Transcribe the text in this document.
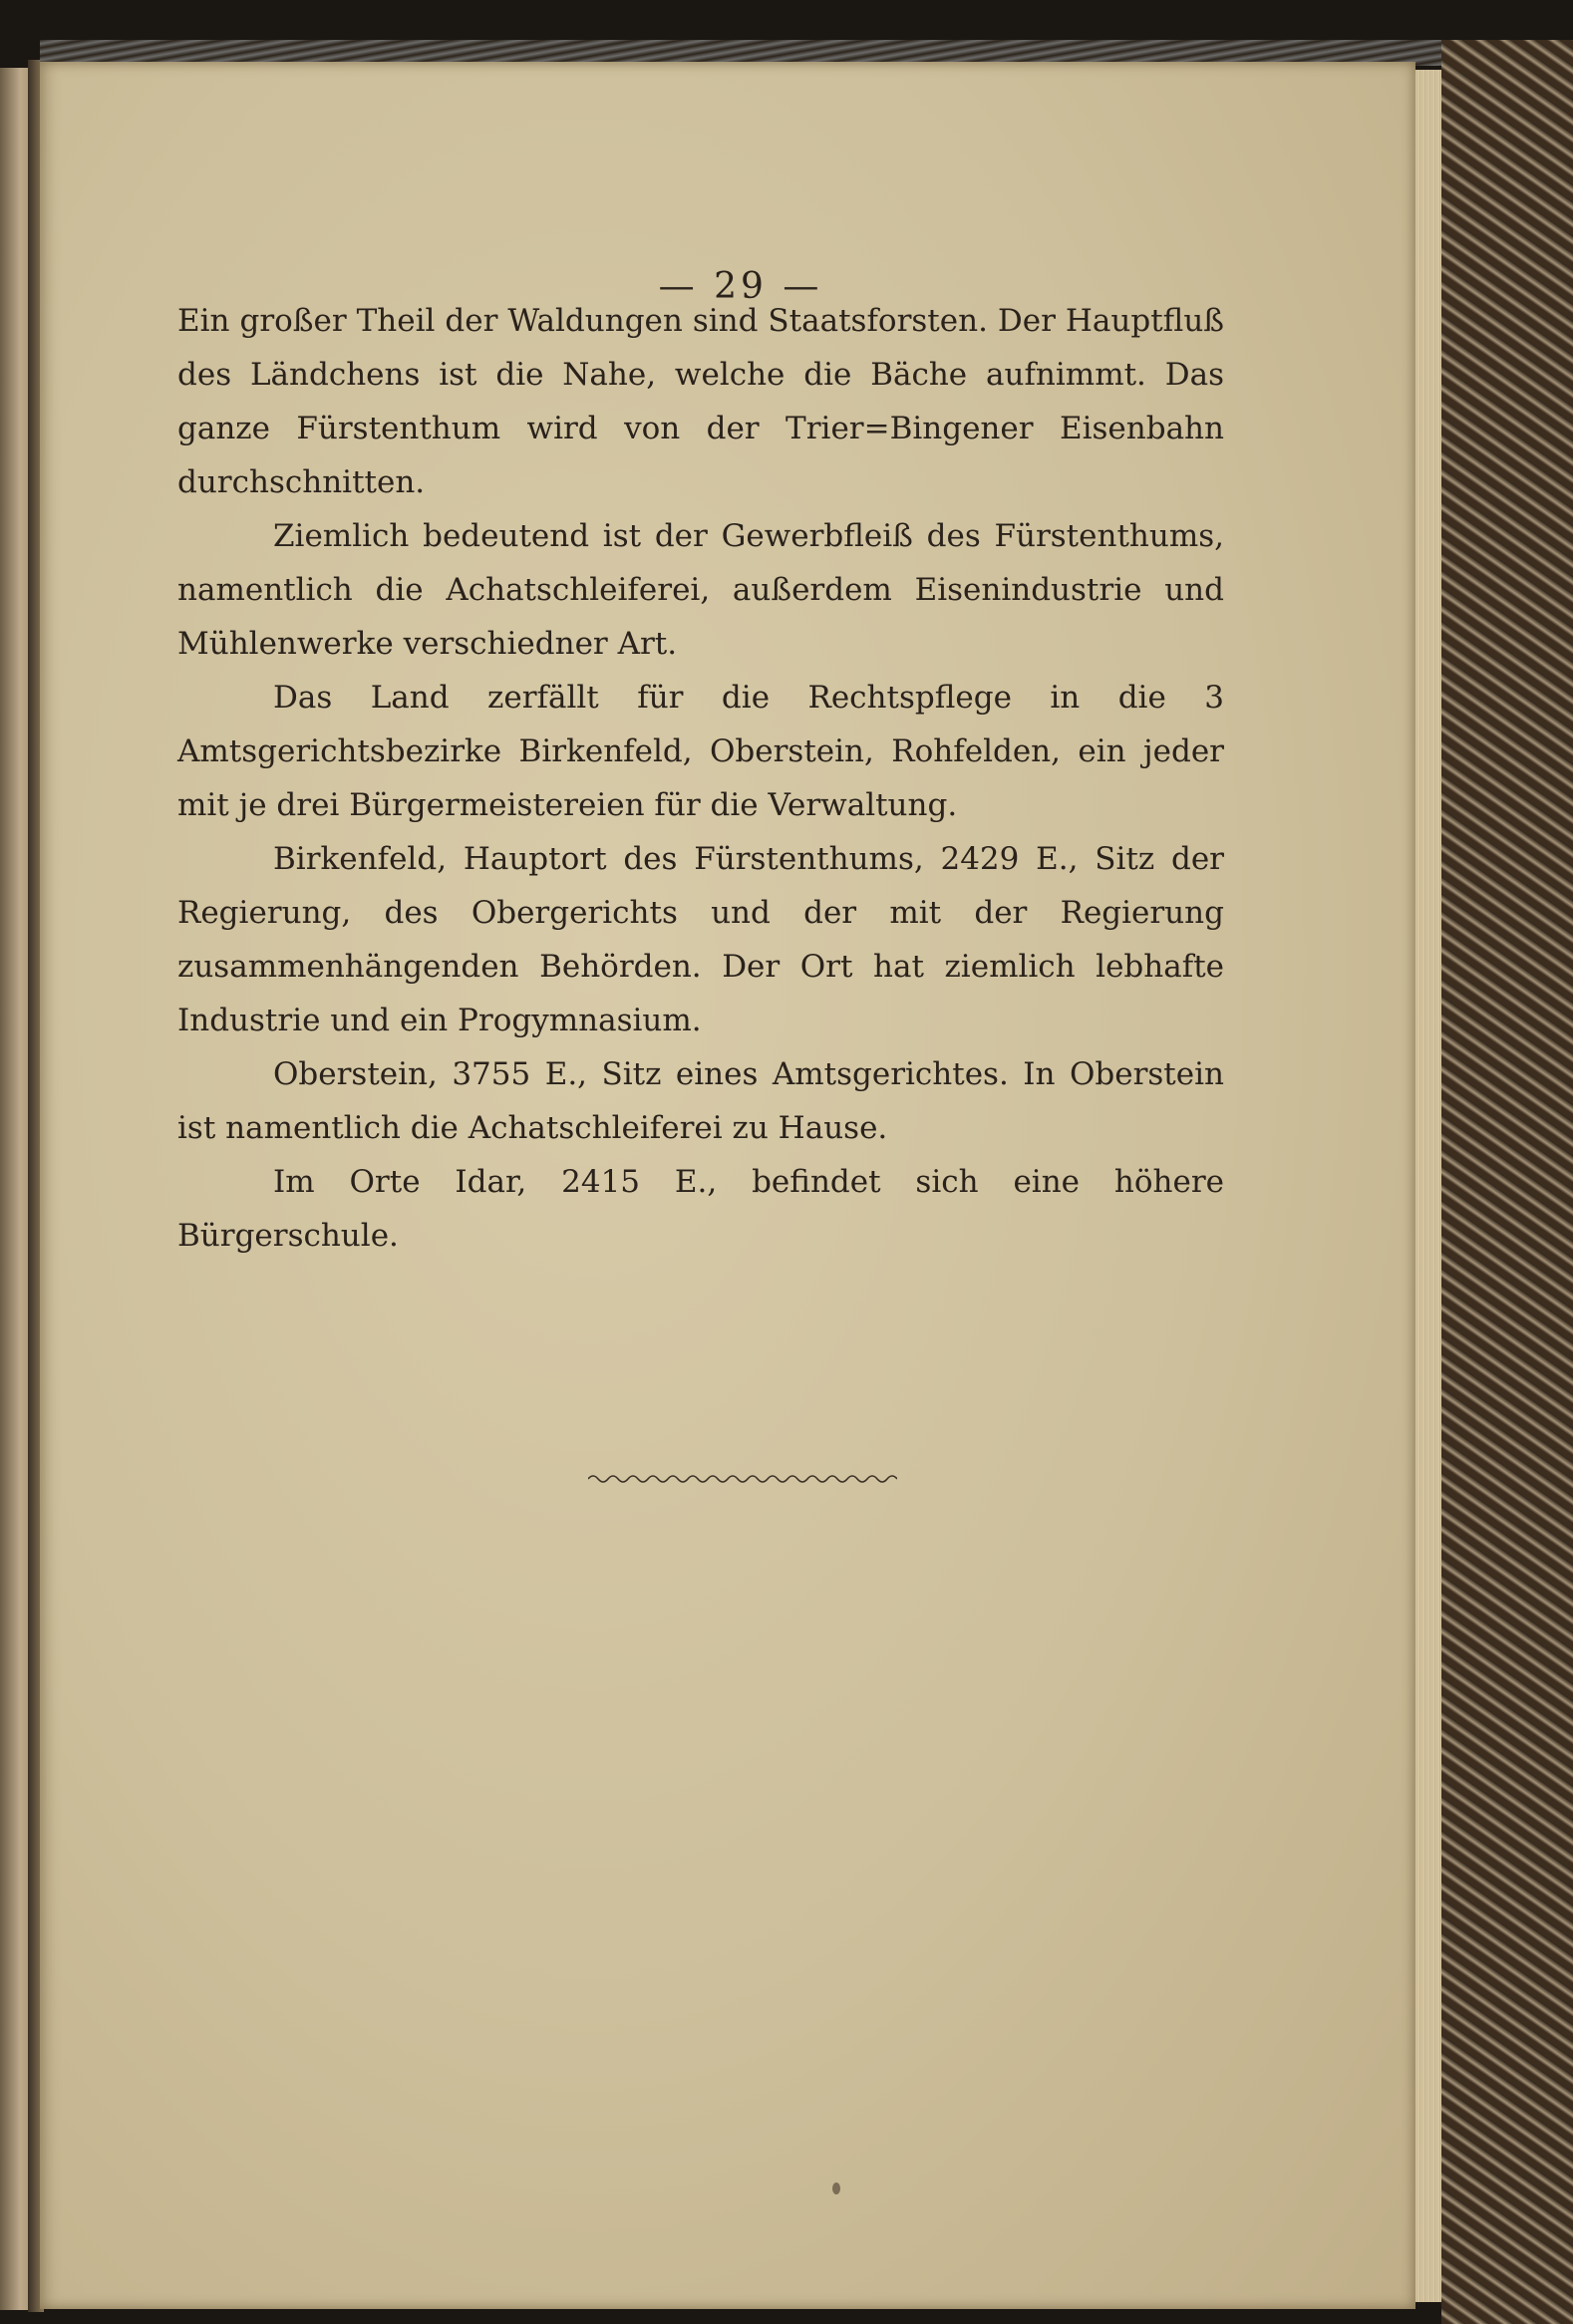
— 29 —

Ein großer Theil der Waldungen sind Staatsforsten. Der Hauptfluß des Ländchens ist die Nahe, welche die Bäche aufnimmt. Das ganze Fürstenthum wird von der Trier=Bingener Eisenbahn durchschnitten.

Ziemlich bedeutend ist der Gewerbfleiß des Fürstenthums, namentlich die Achatschleiferei, außerdem Eisenindustrie und Mühlenwerke verschiedner Art.

Das Land zerfällt für die Rechtspflege in die 3 Amtsgerichtsbezirke Birkenfeld, Oberstein, Rohfelden, ein jeder mit je drei Bürgermeistereien für die Verwaltung.

Birkenfeld, Hauptort des Fürstenthums, 2429 E., Sitz der Regierung, des Obergerichts und der mit der Regierung zusammenhängenden Behörden. Der Ort hat ziemlich lebhafte Industrie und ein Progymnasium.

Oberstein, 3755 E., Sitz eines Amtsgerichtes. In Oberstein ist namentlich die Achatschleiferei zu Hause.

Im Orte Idar, 2415 E., befindet sich eine höhere Bürgerschule.
